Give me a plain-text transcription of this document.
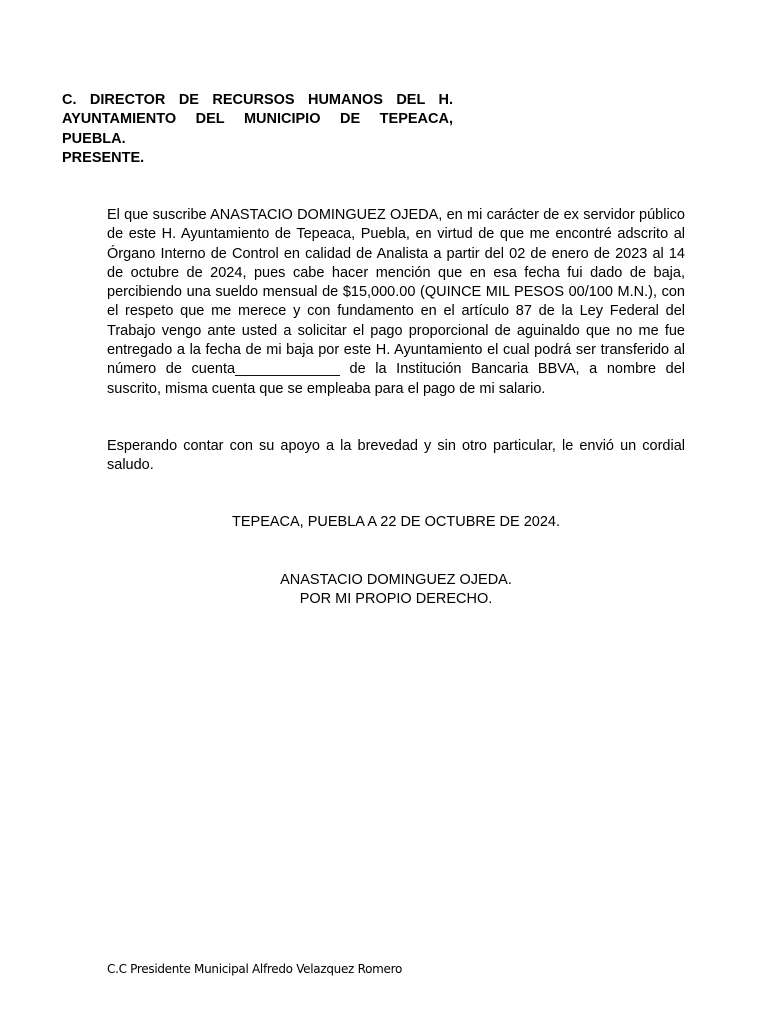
C. DIRECTOR DE RECURSOS HUMANOS DEL H.
AYUNTAMIENTO DEL MUNICIPIO DE TEPEACA,
PUEBLA.
PRESENTE.

El que suscribe ANASTACIO DOMINGUEZ OJEDA, en mi carácter de ex servidor público de este H. Ayuntamiento de Tepeaca, Puebla, en virtud de que me encontré adscrito al Órgano Interno de Control en calidad de Analista a partir del 02 de enero de 2023 al 14 de octubre de 2024, pues cabe hacer mención que en esa fecha fui dado de baja, percibiendo una sueldo mensual de $15,000.00 (QUINCE MIL PESOS 00/100 M.N.), con el respeto que me merece y con fundamento en el artículo 87 de la Ley Federal del Trabajo vengo ante usted a solicitar el pago proporcional de aguinaldo que no me fue entregado a la fecha de mi baja por este H. Ayuntamiento el cual podrá ser transferido al número de cuenta_____________ de la Institución Bancaria BBVA, a nombre del suscrito, misma cuenta que se empleaba para el pago de mi salario.

Esperando contar con su apoyo a la brevedad y sin otro particular, le envió un cordial saludo.

TEPEACA, PUEBLA A 22 DE OCTUBRE DE 2024.

ANASTACIO DOMINGUEZ OJEDA.
POR MI PROPIO DERECHO.
C.C Presidente Municipal Alfredo Velazquez Romero
